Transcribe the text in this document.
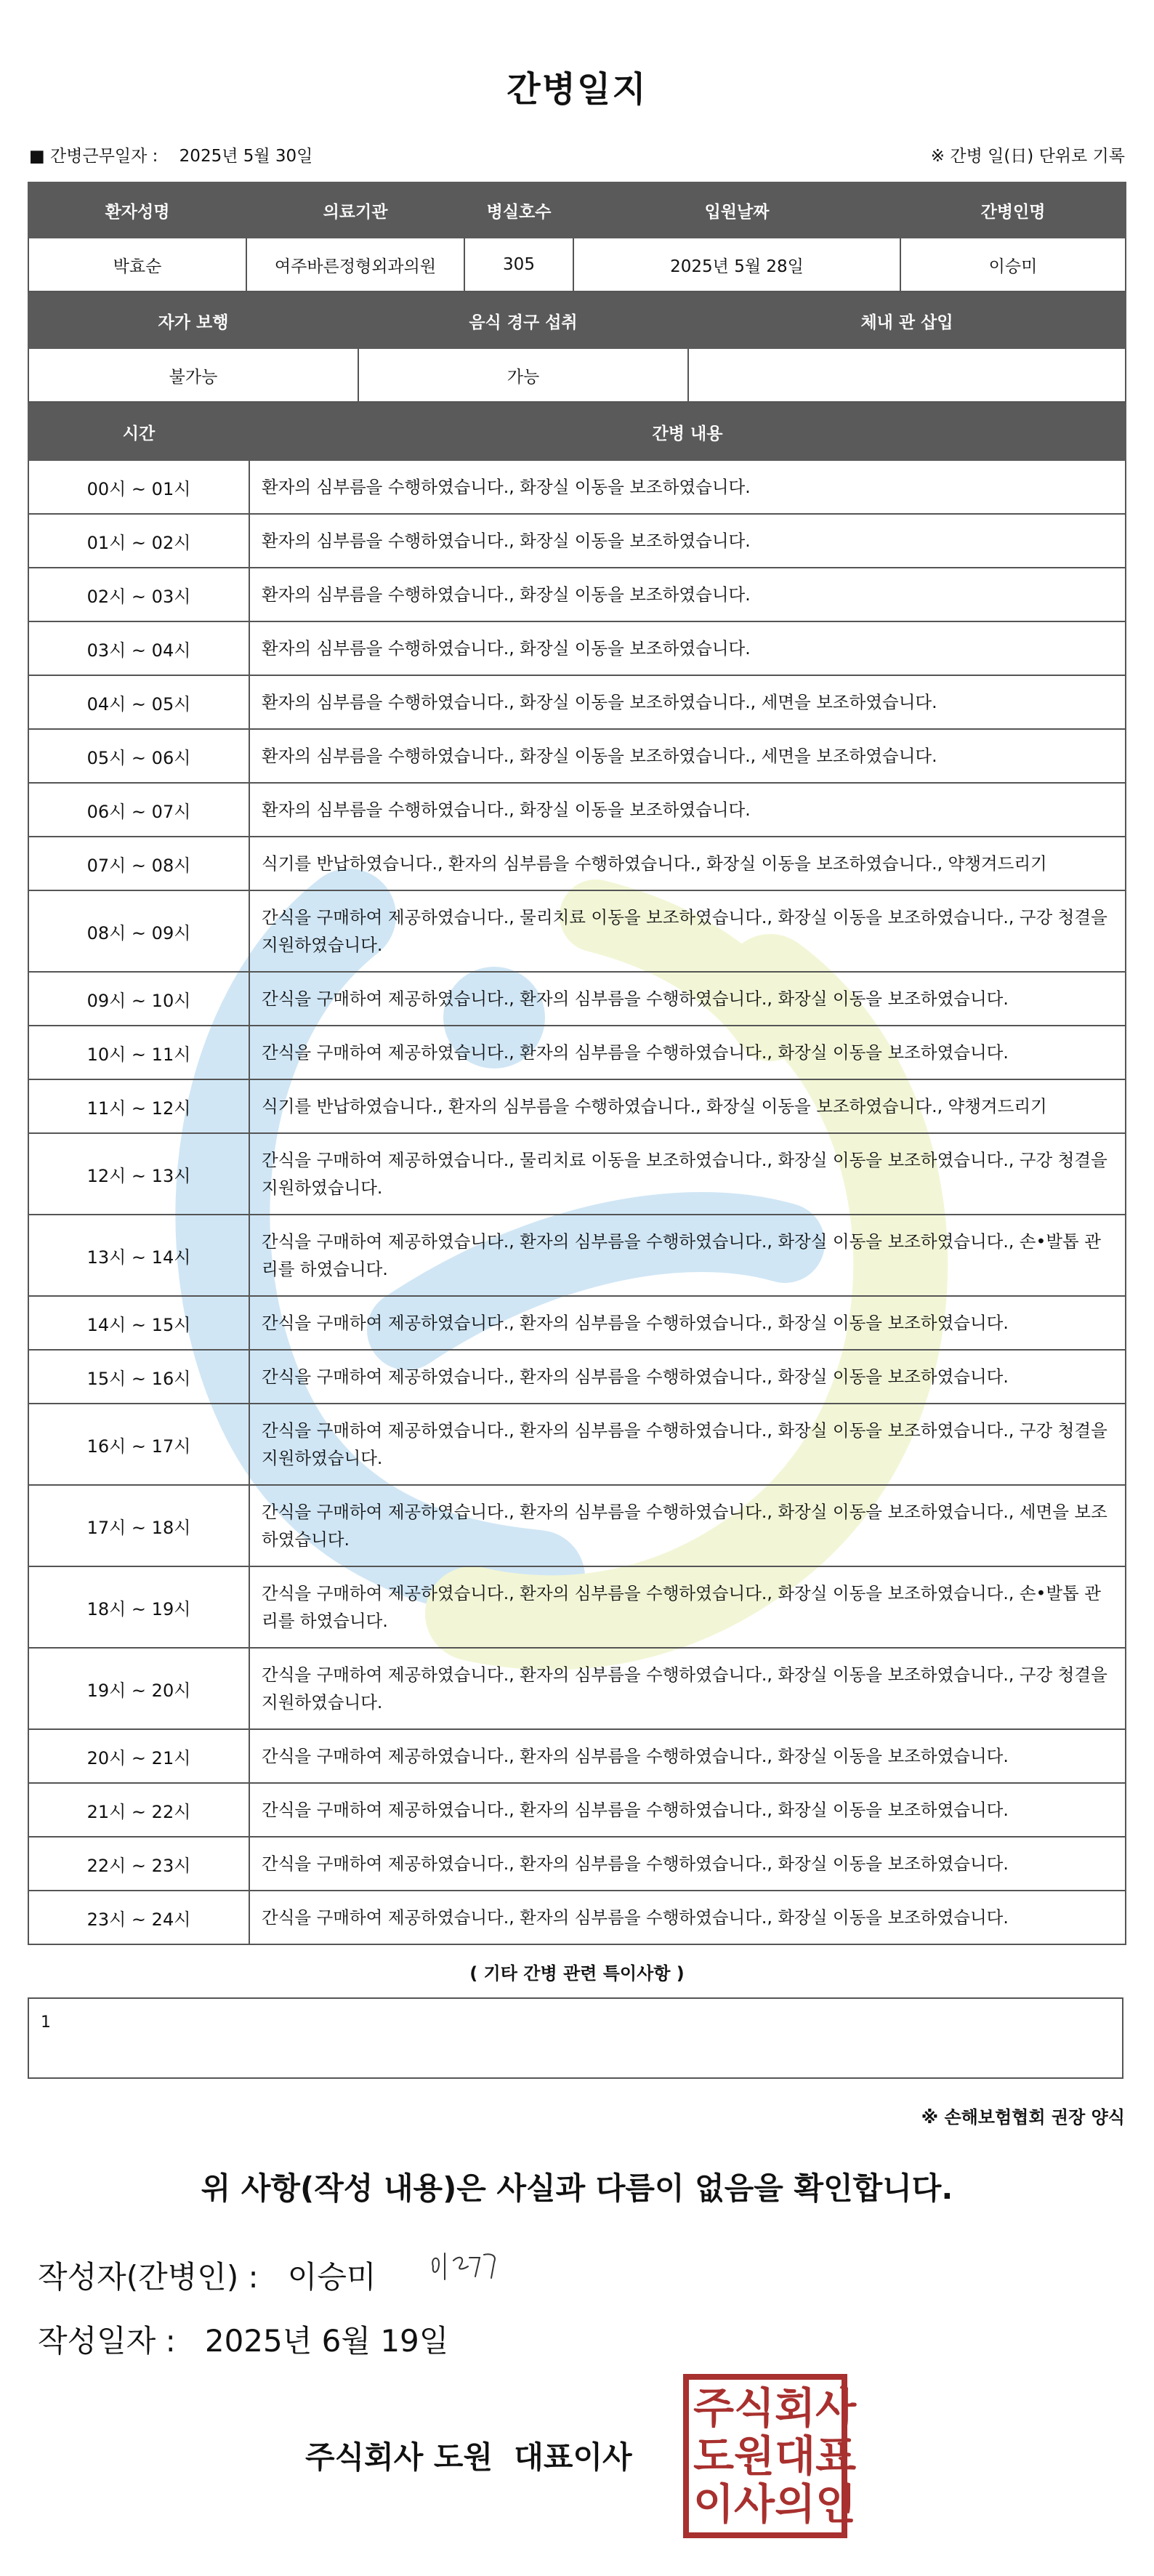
간병일지
■ 간병근무일자 : 2025년 5월 30일	※ 간병 일(日) 단위로 기록
환자성명	의료기관	병실호수	입원날짜	간병인명
박효순	여주바른정형외과의원	305	2025년 5월 28일	이승미
자가 보행	음식 경구 섭취	체내 관 삽입
불가능	가능	
시간	간병 내용
00시 ~ 01시	환자의 심부름을 수행하였습니다., 화장실 이동을 보조하였습니다.
01시 ~ 02시	환자의 심부름을 수행하였습니다., 화장실 이동을 보조하였습니다.
02시 ~ 03시	환자의 심부름을 수행하였습니다., 화장실 이동을 보조하였습니다.
03시 ~ 04시	환자의 심부름을 수행하였습니다., 화장실 이동을 보조하였습니다.
04시 ~ 05시	환자의 심부름을 수행하였습니다., 화장실 이동을 보조하였습니다., 세면을 보조하였습니다.
05시 ~ 06시	환자의 심부름을 수행하였습니다., 화장실 이동을 보조하였습니다., 세면을 보조하였습니다.
06시 ~ 07시	환자의 심부름을 수행하였습니다., 화장실 이동을 보조하였습니다.
07시 ~ 08시	식기를 반납하였습니다., 환자의 심부름을 수행하였습니다., 화장실 이동을 보조하였습니다., 약챙겨드리기
08시 ~ 09시	간식을 구매하여 제공하였습니다., 물리치료 이동을 보조하였습니다., 화장실 이동을 보조하였습니다., 구강 청결을 지원하였습니다.
09시 ~ 10시	간식을 구매하여 제공하였습니다., 환자의 심부름을 수행하였습니다., 화장실 이동을 보조하였습니다.
10시 ~ 11시	간식을 구매하여 제공하였습니다., 환자의 심부름을 수행하였습니다., 화장실 이동을 보조하였습니다.
11시 ~ 12시	식기를 반납하였습니다., 환자의 심부름을 수행하였습니다., 화장실 이동을 보조하였습니다., 약챙겨드리기
12시 ~ 13시	간식을 구매하여 제공하였습니다., 물리치료 이동을 보조하였습니다., 화장실 이동을 보조하였습니다., 구강 청결을 지원하였습니다.
13시 ~ 14시	간식을 구매하여 제공하였습니다., 환자의 심부름을 수행하였습니다., 화장실 이동을 보조하였습니다., 손•발톱 관리를 하였습니다.
14시 ~ 15시	간식을 구매하여 제공하였습니다., 환자의 심부름을 수행하였습니다., 화장실 이동을 보조하였습니다.
15시 ~ 16시	간식을 구매하여 제공하였습니다., 환자의 심부름을 수행하였습니다., 화장실 이동을 보조하였습니다.
16시 ~ 17시	간식을 구매하여 제공하였습니다., 환자의 심부름을 수행하였습니다., 화장실 이동을 보조하였습니다., 구강 청결을 지원하였습니다.
17시 ~ 18시	간식을 구매하여 제공하였습니다., 환자의 심부름을 수행하였습니다., 화장실 이동을 보조하였습니다., 세면을 보조하였습니다.
18시 ~ 19시	간식을 구매하여 제공하였습니다., 환자의 심부름을 수행하였습니다., 화장실 이동을 보조하였습니다., 손•발톱 관리를 하였습니다.
19시 ~ 20시	간식을 구매하여 제공하였습니다., 환자의 심부름을 수행하였습니다., 화장실 이동을 보조하였습니다., 구강 청결을 지원하였습니다.
20시 ~ 21시	간식을 구매하여 제공하였습니다., 환자의 심부름을 수행하였습니다., 화장실 이동을 보조하였습니다.
21시 ~ 22시	간식을 구매하여 제공하였습니다., 환자의 심부름을 수행하였습니다., 화장실 이동을 보조하였습니다.
22시 ~ 23시	간식을 구매하여 제공하였습니다., 환자의 심부름을 수행하였습니다., 화장실 이동을 보조하였습니다.
23시 ~ 24시	간식을 구매하여 제공하였습니다., 환자의 심부름을 수행하였습니다., 화장실 이동을 보조하였습니다.
( 기타 간병 관련 특이사항 )
1
※ 손해보험협회 권장 양식
위 사항(작성 내용)은 사실과 다름이 없음을 확인합니다.
작성자(간병인) : 이승미
작성일자 : 2025년 6월 19일
주식회사 도원  대표이사
주 식 회 사
도 원 대 표
이 사 의 인
